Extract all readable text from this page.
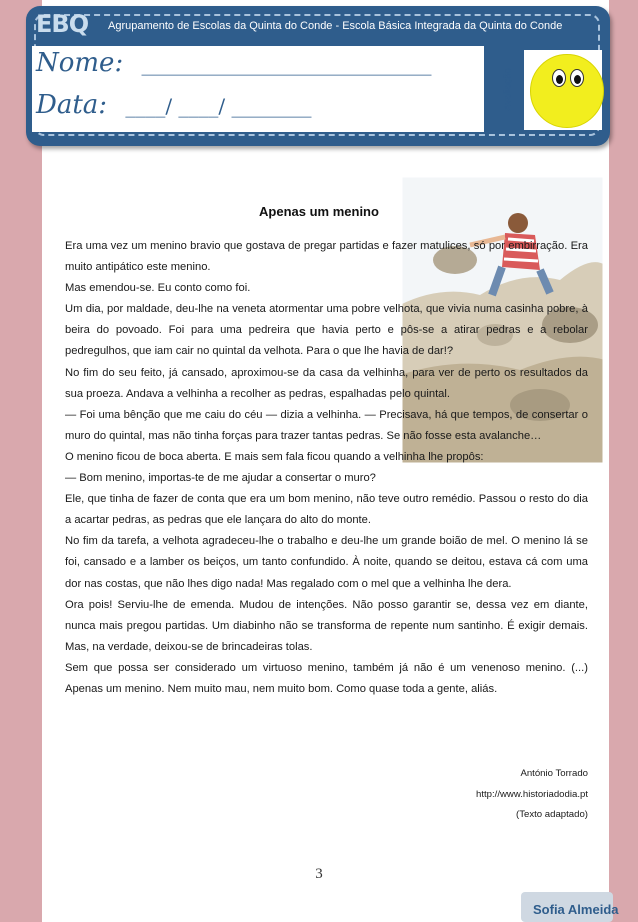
EBQ Agrupamento de Escolas da Quinta do Conde - Escola Básica Integrada da Quinta do Conde
Nome: _____________________________
Data: ____/ ____/ ________	Avaliação
Apenas um menino

Era uma vez um menino bravio que gostava de pregar partidas e fazer matulices, só por embirração. Era muito antipático este menino.

Mas emendou-se. Eu conto como foi.

Um dia, por maldade, deu-lhe na veneta atormentar uma pobre velhota, que vivia numa casinha pobre, à beira do povoado. Foi para uma pedreira que havia perto e pôs-se a atirar pedras e a rebolar pedregulhos, que iam cair no quintal da velhota. Para o que lhe havia de dar!?

No fim do seu feito, já cansado, aproximou-se da casa da velhinha, para ver de perto os resultados da sua proeza. Andava a velhinha a recolher as pedras, espalhadas pelo quintal.

— Foi uma bênção que me caiu do céu — dizia a velhinha. — Precisava, há que tempos, de consertar o muro do quintal, mas não tinha forças para trazer tantas pedras. Se não fosse esta avalanche…

O menino ficou de boca aberta. E mais sem fala ficou quando a velhinha lhe propôs:

— Bom menino, importas-te de me ajudar a consertar o muro?

Ele, que tinha de fazer de conta que era um bom menino, não teve outro remédio. Passou o resto do dia a acartar pedras, as pedras que ele lançara do alto do monte.

No fim da tarefa, a velhota agradeceu-lhe o trabalho e deu-lhe um grande boião de mel. O menino lá se foi, cansado e a lamber os beiços, um tanto confundido. À noite, quando se deitou, estava cá com uma dor nas costas, que não lhes digo nada! Mas regalado com o mel que a velhinha lhe dera.

Ora pois! Serviu-lhe de emenda. Mudou de intenções. Não posso garantir se, dessa vez em diante, nunca mais pregou partidas. Um diabinho não se transforma de repente num santinho. É exigir demais. Mas, na verdade, deixou-se de brincadeiras tolas.

Sem que possa ser considerado um virtuoso menino, também já não é um venenoso menino. (...) Apenas um menino. Nem muito mau, nem muito bom. Como quase toda a gente, aliás.

António Torrado
http://www.historiadodia.pt
(Texto adaptado)
3
Sofia Almeida
